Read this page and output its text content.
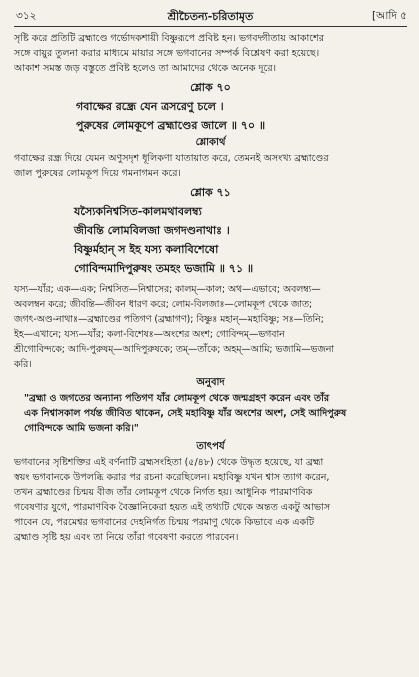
৩১২	শ্রীচৈতন্য-চরিতামৃত	[আদি ৫

সৃষ্টি করে প্রতিটি ব্রহ্মাণ্ডে গর্ভোদকশায়ী বিষ্ণুরূপে প্রবিষ্ট হন। ভগবদ্গীতায় আকাশের

সঙ্গে বায়ুর তুলনা করার মাধ্যমে মায়ার সঙ্গে ভগবানের সম্পর্ক বিশ্লেষণ করা হয়েছে।

আকাশ সমস্ত জড় বস্তুতে প্রবিষ্ট হলেও তা আমাদের থেকে অনেক দূরে।

শ্লোক ৭০

গবাক্ষের রন্ধ্রে যেন ত্রসরেণু চলে ।

পুরুষের লোমকূপে ব্রহ্মাণ্ডের জালে ॥ ৭০ ॥

শ্লোকার্থ

গবাক্ষের রন্ধ্র দিয়ে যেমন অণুসদৃশ ধূলিকণা যাতায়াত করে, তেমনই অসংখ্য ব্রহ্মাণ্ডের

জাল পুরুষের লোমকূপ দিয়ে গমনাগমন করে।

শ্লোক ৭১

যস্যৈকনিশ্বসিত-কালমথাবলম্ব্য

জীবন্তি লোমবিলজা জগদণ্ডনাথাঃ ।

বিষ্ণুর্মহান্ স ইহ যস্য কলাবিশেষো

গোবিন্দমাদিপুরুষং তমহং ভজামি ॥ ৭১ ॥

যস্য—যাঁর; এক—এক; নিশ্বসিত—নিশ্বাসের; কালম্—কাল; অথ—এভাবে; অবলম্ব্য—

অবলম্বন করে; জীবন্তি—জীবন ধারণ করে; লোম-বিলজাঃ—লোমকূপ থেকে জাত;

জগৎ-অণ্ড-নাথাঃ—ব্রহ্মাণ্ডের পতিগণ (ব্রহ্মাগণ); বিষ্ণুঃ মহান্—মহাবিষ্ণু; সঃ—তিনি;

ইহ—এখানে; যস্য—যাঁর; কলা-বিশেষঃ—অংশের অংশ; গোবিন্দম্—ভগবান

শ্রীগোবিন্দকে; আদি-পুরুষম্—আদিপুরুষকে; তম্—তাঁকে; অহম্—আমি; ভজামি—ভজনা

করি।

অনুবাদ

"ব্রহ্মা ও জগতের অন্যান্য পতিগণ যাঁর লোমকূপ থেকে জন্মগ্রহণ করেন এবং তাঁর

এক নিশ্বাসকাল পর্যন্ত জীবিত থাকেন, সেই মহাবিষ্ণু যাঁর অংশের অংশ, সেই আদিপুরুষ

গোবিন্দকে আমি ভজনা করি।"

তাৎপর্য

ভগবানের সৃষ্টিশক্তির এই বর্ণনাটি ব্রহ্মসংহিতা (৫/৪৮) থেকে উদ্ধৃত হয়েছে, যা ব্রহ্মা

স্বয়ং ভগবানকে উপলব্ধি করার পর রচনা করেছিলেন। মহাবিষ্ণু যখন শ্বাস ত্যাগ করেন,

তখন ব্রহ্মাণ্ডের চিন্ময় বীজ তাঁর লোমকূপ থেকে নির্গত হয়। আধুনিক পারমাণবিক

গবেষণার যুগে, পারমাণবিক বৈজ্ঞানিকেরা হয়ত এই তথ্যটি থেকে অন্তত একটু আভাস

পাবেন যে, পরমেশ্বর ভগবানের দেহনির্গত চিন্ময় পরমাণু থেকে কিভাবে এক একটি

ব্রহ্মাণ্ড সৃষ্টি হয় এবং তা নিয়ে তাঁরা গবেষণা করতে পারবেন।
